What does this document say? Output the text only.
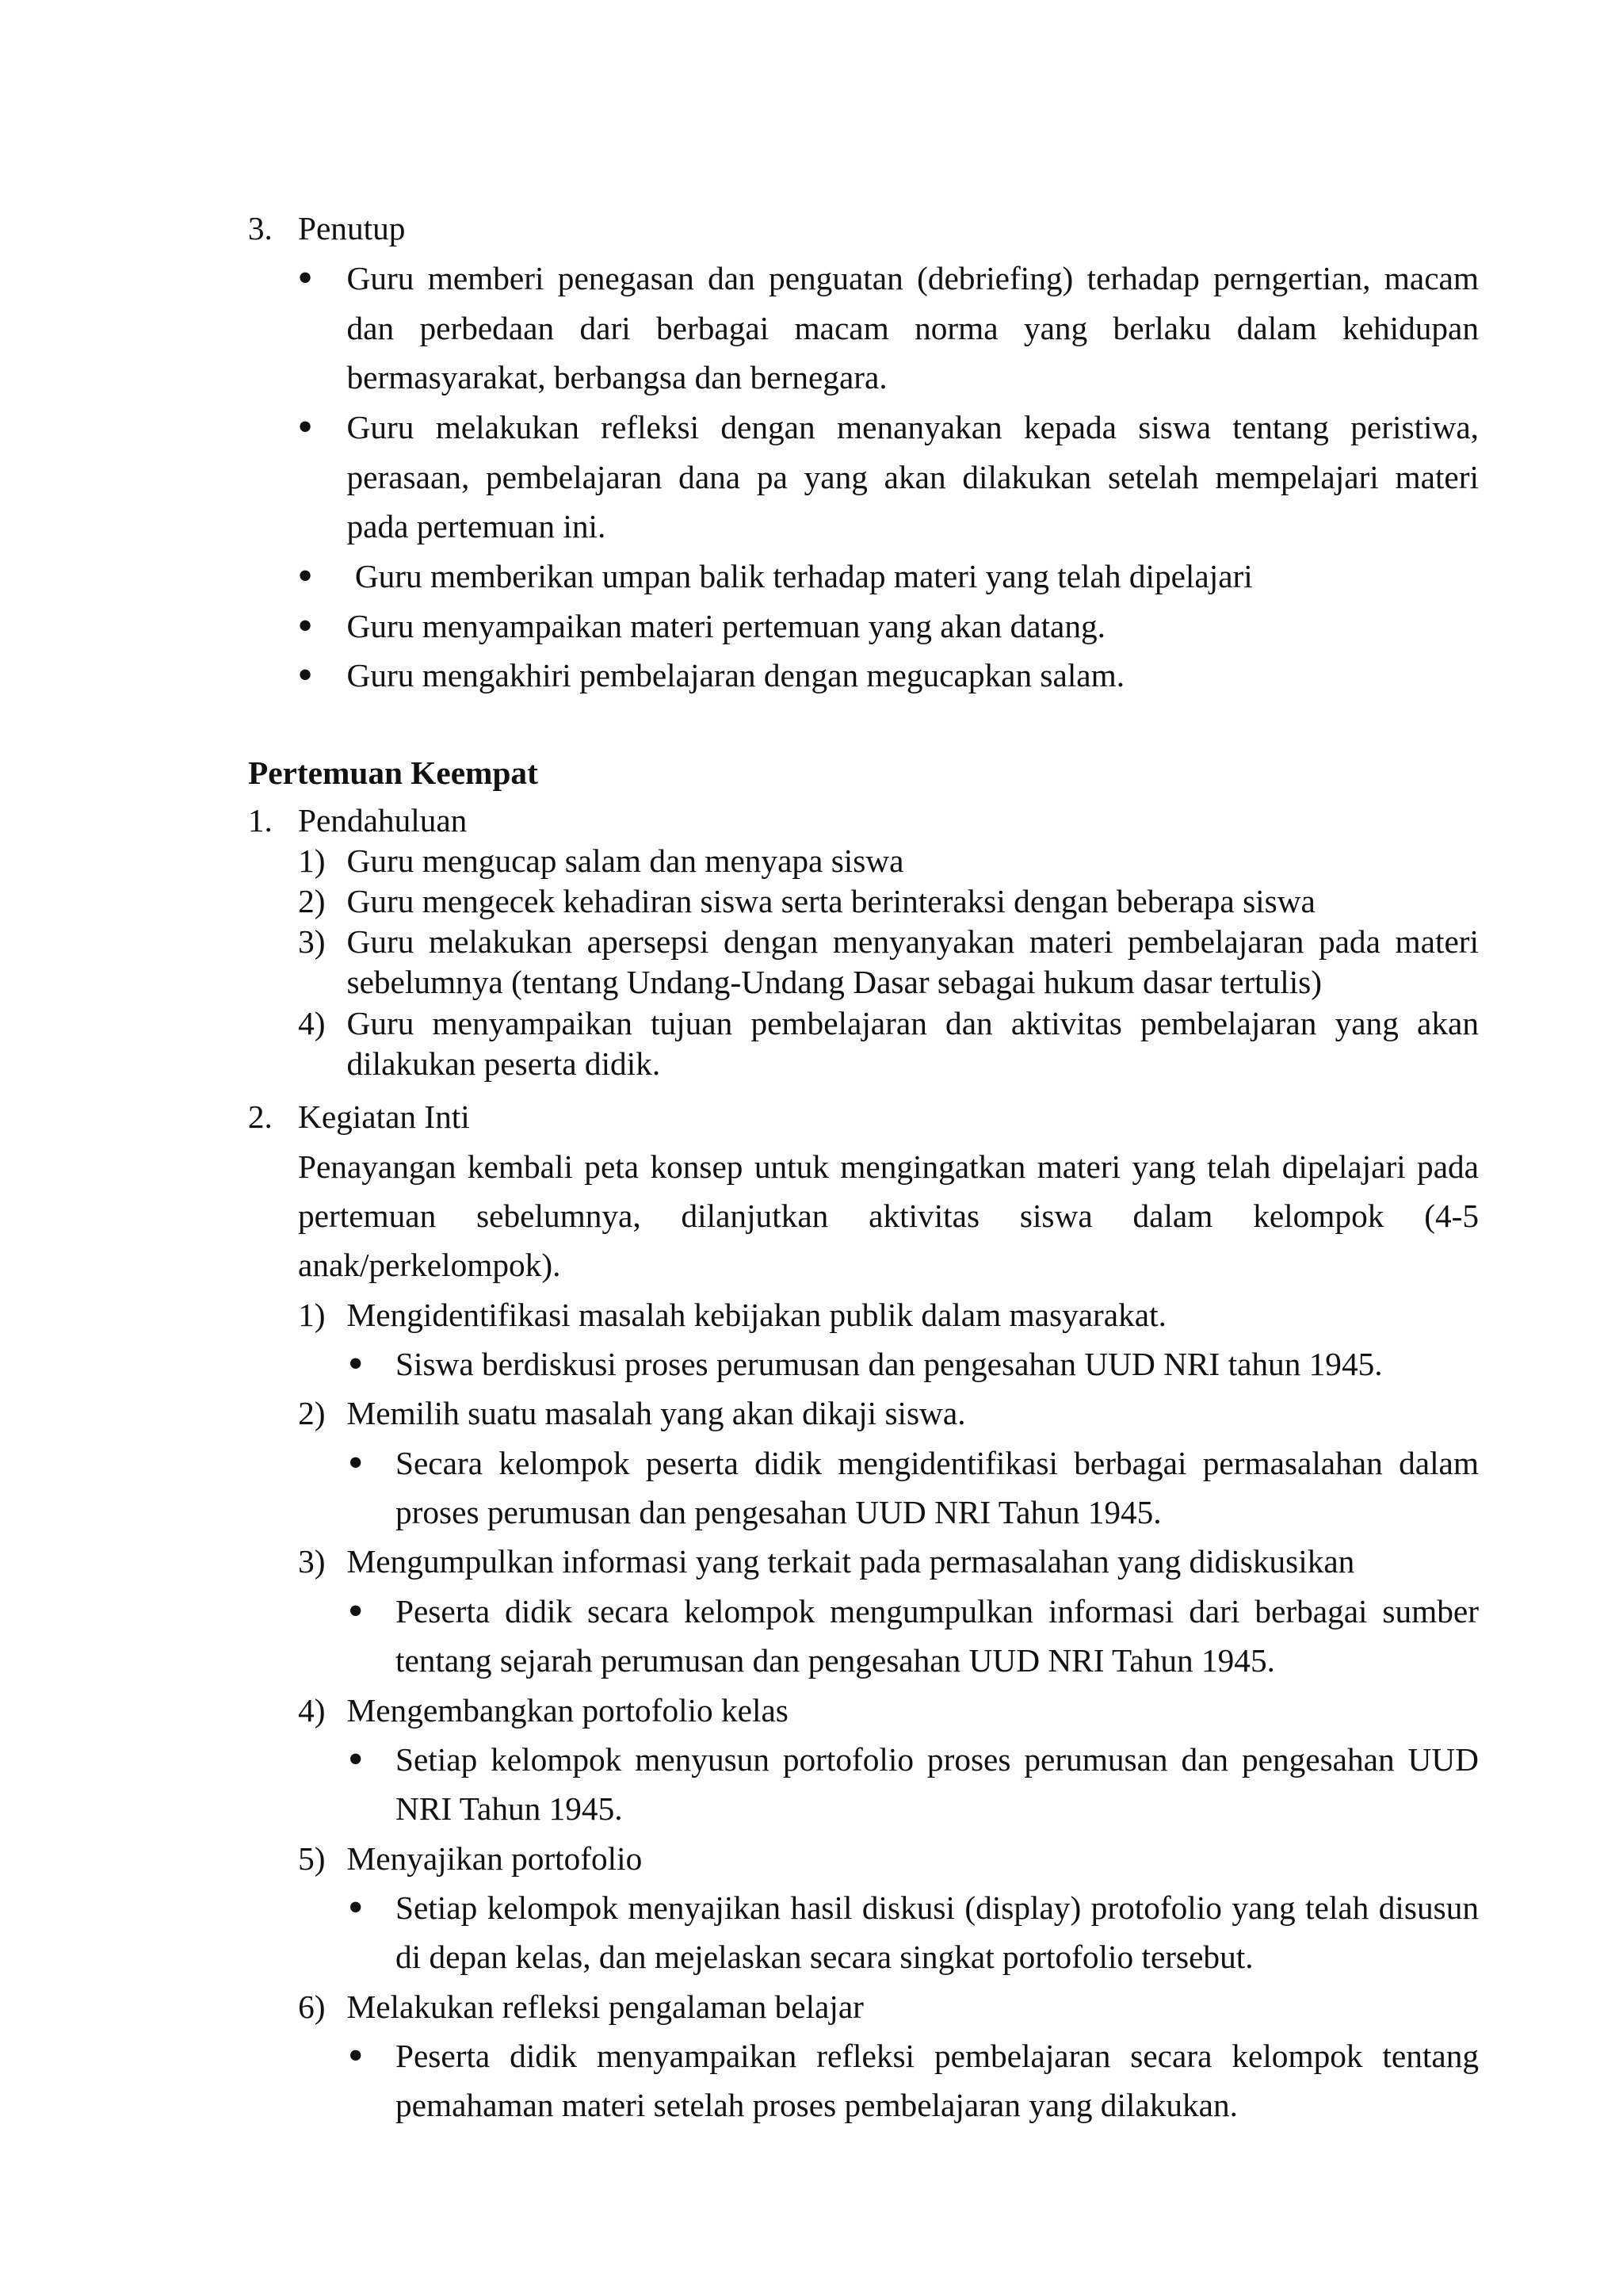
3. Penutup
• Guru memberi penegasan dan penguatan (debriefing) terhadap perngertian, macam
dan perbedaan dari berbagai macam norma yang berlaku dalam kehidupan
bermasyarakat, berbangsa dan bernegara.
• Guru melakukan refleksi dengan menanyakan kepada siswa tentang peristiwa,
perasaan, pembelajaran dana pa yang akan dilakukan setelah mempelajari materi
pada pertemuan ini.
• Guru memberikan umpan balik terhadap materi yang telah dipelajari
• Guru menyampaikan materi pertemuan yang akan datang.
• Guru mengakhiri pembelajaran dengan megucapkan salam.
Pertemuan Keempat
1. Pendahuluan
1) Guru mengucap salam dan menyapa siswa
2) Guru mengecek kehadiran siswa serta berinteraksi dengan beberapa siswa
3) Guru melakukan apersepsi dengan menyanyakan materi pembelajaran pada materi
sebelumnya (tentang Undang-Undang Dasar sebagai hukum dasar tertulis)
4) Guru menyampaikan tujuan pembelajaran dan aktivitas pembelajaran yang akan
dilakukan peserta didik.
2. Kegiatan Inti
Penayangan kembali peta konsep untuk mengingatkan materi yang telah dipelajari pada
pertemuan sebelumnya, dilanjutkan aktivitas siswa dalam kelompok (4-5
anak/perkelompok).
1) Mengidentifikasi masalah kebijakan publik dalam masyarakat.
• Siswa berdiskusi proses perumusan dan pengesahan UUD NRI tahun 1945.
2) Memilih suatu masalah yang akan dikaji siswa.
• Secara kelompok peserta didik mengidentifikasi berbagai permasalahan dalam
proses perumusan dan pengesahan UUD NRI Tahun 1945.
3) Mengumpulkan informasi yang terkait pada permasalahan yang didiskusikan
• Peserta didik secara kelompok mengumpulkan informasi dari berbagai sumber
tentang sejarah perumusan dan pengesahan UUD NRI Tahun 1945.
4) Mengembangkan portofolio kelas
• Setiap kelompok menyusun portofolio proses perumusan dan pengesahan UUD
NRI Tahun 1945.
5) Menyajikan portofolio
• Setiap kelompok menyajikan hasil diskusi (display) protofolio yang telah disusun
di depan kelas, dan mejelaskan secara singkat portofolio tersebut.
6) Melakukan refleksi pengalaman belajar
• Peserta didik menyampaikan refleksi pembelajaran secara kelompok tentang
pemahaman materi setelah proses pembelajaran yang dilakukan.
